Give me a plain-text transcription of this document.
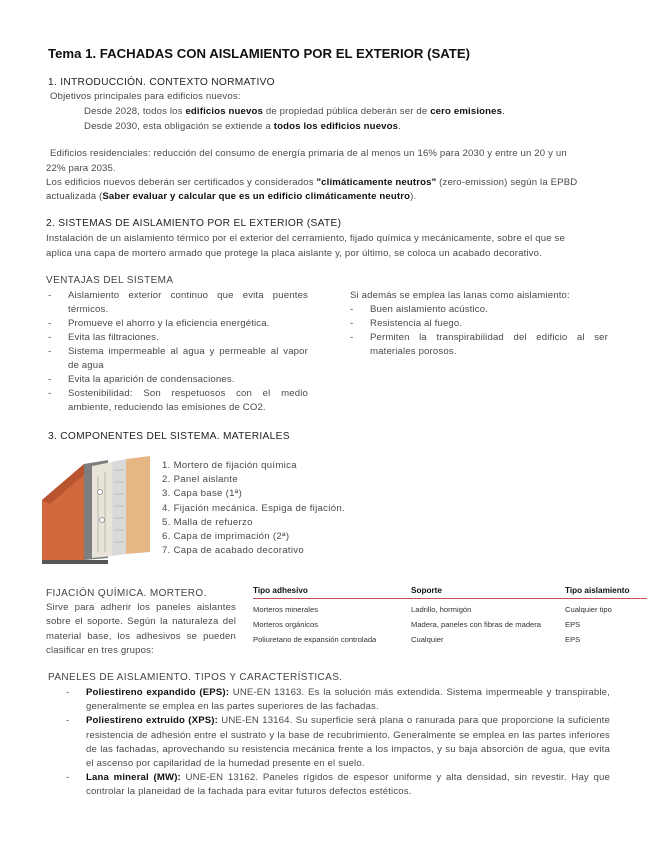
Tema 1. FACHADAS CON AISLAMIENTO POR EL EXTERIOR (SATE)
1. INTRODUCCIÓN. CONTEXTO NORMATIVO
Objetivos principales para edificios nuevos:
Desde 2028, todos los edificios nuevos de propiedad pública deberán ser de cero emisiones.
Desde 2030, esta obligación se extiende a todos los edificios nuevos.
Edificios residenciales: reducción del consumo de energía primaria de al menos un 16% para 2030 y entre un 20 y un
22% para 2035.
Los edificios nuevos deberán ser certificados y considerados "climáticamente neutros" (zero-emission) según la EPBD
actualizada (Saber evaluar y calcular que es un edificio climáticamente neutro).
2. SISTEMAS DE AISLAMIENTO POR EL EXTERIOR (SATE)
Instalación de un aislamiento térmico por el exterior del cerramiento, fijado química y mecánicamente, sobre el que se
aplica una capa de mortero armado que protege la placa aislante y, por último, se coloca un acabado decorativo.
VENTAJAS DEL SISTEMA
- Aislamiento exterior continuo que evita puentes térmicos.
- Promueve el ahorro y la eficiencia energética.
- Evita las filtraciones.
- Sistema impermeable al agua y permeable al vapor de agua
- Evita la aparición de condensaciones.
- Sostenibilidad: Son respetuosos con el medio ambiente, reduciendo las emisiones de CO2.
Si además se emplea las lanas como aislamiento:
- Buen aislamiento acústico.
- Resistencia al fuego.
- Permiten la transpirabilidad del edificio al ser materiales porosos.
3. COMPONENTES DEL SISTEMA. MATERIALES
1. Mortero de fijación química
2. Panel aislante
3. Capa base (1ª)
4. Fijación mecánica. Espiga de fijación.
5. Malla de refuerzo
6. Capa de imprimación (2ª)
7. Capa de acabado decorativo
FIJACIÓN QUÍMICA. MORTERO.
Sirve para adherir los paneles aislantes sobre el soporte. Según la naturaleza del material base, los adhesivos se pueden clasificar en tres grupos:
Tipo adhesivo	Soporte	Tipo aislamiento
Morteros minerales	Ladrillo, hormigón	Cualquier tipo
Morteros orgánicos	Madera, paneles con fibras de madera	EPS
Poliuretano de expansión controlada	Cualquier	EPS
PANELES DE AISLAMIENTO. TIPOS Y CARACTERÍSTICAS.
- Poliestireno expandido (EPS): UNE-EN 13163. Es la solución más extendida. Sistema impermeable y transpirable, generalmente se emplea en las partes superiores de las fachadas.
- Poliestireno extruido (XPS): UNE-EN 13164. Su superficie será plana o ranurada para que proporcione la suficiente resistencia de adhesión entre el sustrato y la base de recubrimiento. Generalmente se emplea en las partes inferiores de las fachadas, aprovechando su resistencia mecánica frente a los impactos, y su baja absorción de agua, que evita el ascenso por capilaridad de la humedad presente en el suelo.
- Lana mineral (MW): UNE-EN 13162. Paneles rígidos de espesor uniforme y alta densidad, sin revestir. Hay que controlar la planeidad de la fachada para evitar futuros defectos estéticos.
